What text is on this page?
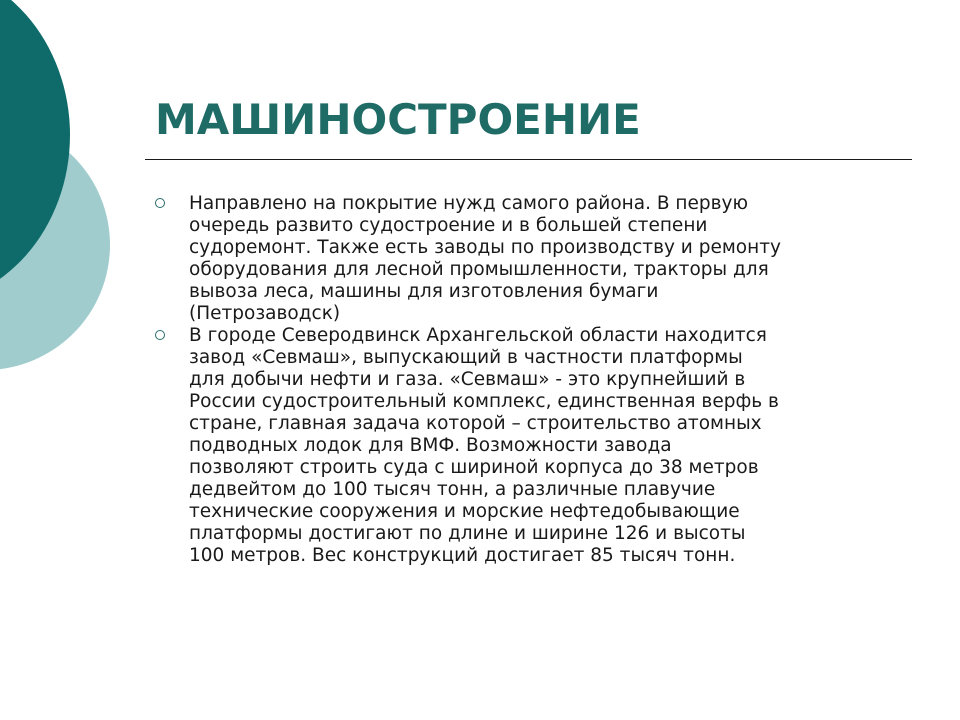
МАШИНОСТРОЕНИЕ
Направлено на покрытие нужд самого района. В первую
очередь развито судостроение и в большей степени
судоремонт. Также есть заводы по производству и ремонту
оборудования для лесной промышленности, тракторы для
вывоза леса, машины для изготовления бумаги
(Петрозаводск)
В городе Северодвинск Архангельской области находится
завод «Севмаш», выпускающий в частности платформы
для добычи нефти и газа. «Севмаш» - это крупнейший в
России судостроительный комплекс, единственная верфь в
стране, главная задача которой – строительство атомных
подводных лодок для ВМФ. Возможности завода
позволяют строить суда с шириной корпуса до 38 метров
дедвейтом до 100 тысяч тонн, а различные плавучие
технические сооружения и морские нефтедобывающие
платформы достигают по длине и ширине 126 и высоты
100 метров. Вес конструкций достигает 85 тысяч тонн.
